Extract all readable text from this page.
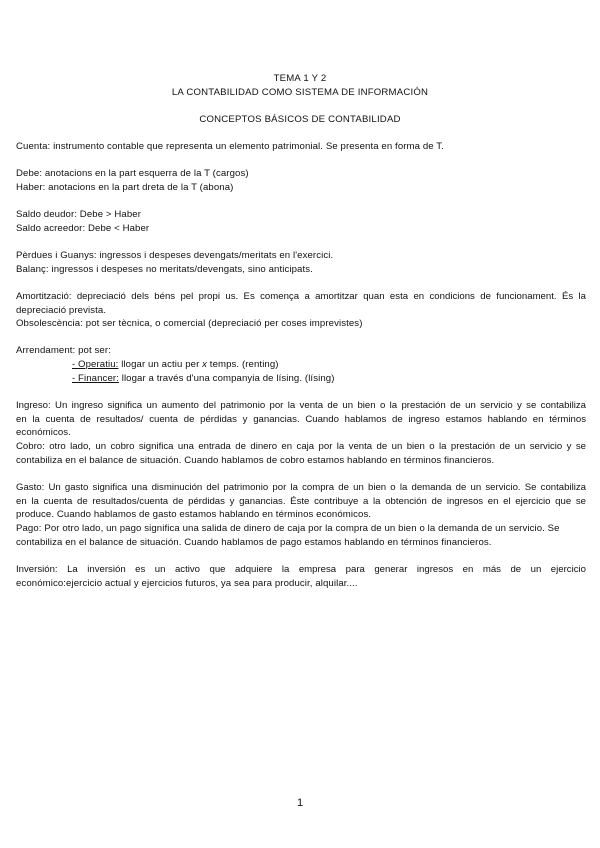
TEMA 1 Y 2
LA CONTABILIDAD COMO SISTEMA DE INFORMACIÓN
CONCEPTOS BÁSICOS DE CONTABILIDAD
Cuenta: instrumento contable que representa un elemento patrimonial. Se presenta en forma de T.
Debe: anotacions en la part esquerra de la T (cargos)
Haber: anotacions en la part dreta de la T (abona)
Saldo deudor: Debe > Haber
Saldo acreedor: Debe < Haber
Pèrdues i Guanys: ingressos i despeses devengats/meritats en l'exercici.
Balanç: ingressos i despeses no meritats/devengats, sino anticipats.
Amortització: depreciació dels béns pel propi us. Es comença a amortitzar quan esta en condicions de funcionament. És la
depreciació prevista.
Obsolescència: pot ser tècnica, o comercial (depreciació per coses imprevistes)
Arrendament: pot ser:
- Operatiu: llogar un actiu per x temps. (renting)
- Financer: llogar a través d'una companyia de lísing. (lísing)
Ingreso: Un ingreso significa un aumento del patrimonio por la venta de un bien o la prestación de un servicio y se contabiliza
en la cuenta de resultados/ cuenta de pérdidas y ganancias. Cuando hablamos de ingreso estamos hablando en términos
económicos.
Cobro: otro lado, un cobro significa una entrada de dinero en caja por la venta de un bien o la prestación de un servicio y se
contabiliza en el balance de situación. Cuando hablamos de cobro estamos hablando en términos financieros.
Gasto: Un gasto significa una disminución del patrimonio por la compra de un bien o la demanda de un servicio. Se contabiliza
en la cuenta de resultados/cuenta de pérdidas y ganancias. Éste contribuye a la obtención de ingresos en el ejercicio que se
produce. Cuando hablamos de gasto estamos hablando en términos económicos.
Pago: Por otro lado, un pago significa una salida de dinero de caja por la compra de un bien o la demanda de un servicio. Se
contabiliza en el balance de situación. Cuando hablamos de pago estamos hablando en términos financieros.
Inversión: La inversión es un activo que adquiere la empresa para generar ingresos en más de un ejercicio
económico:ejercicio actual y ejercicios futuros, ya sea para producir, alquilar....
1
